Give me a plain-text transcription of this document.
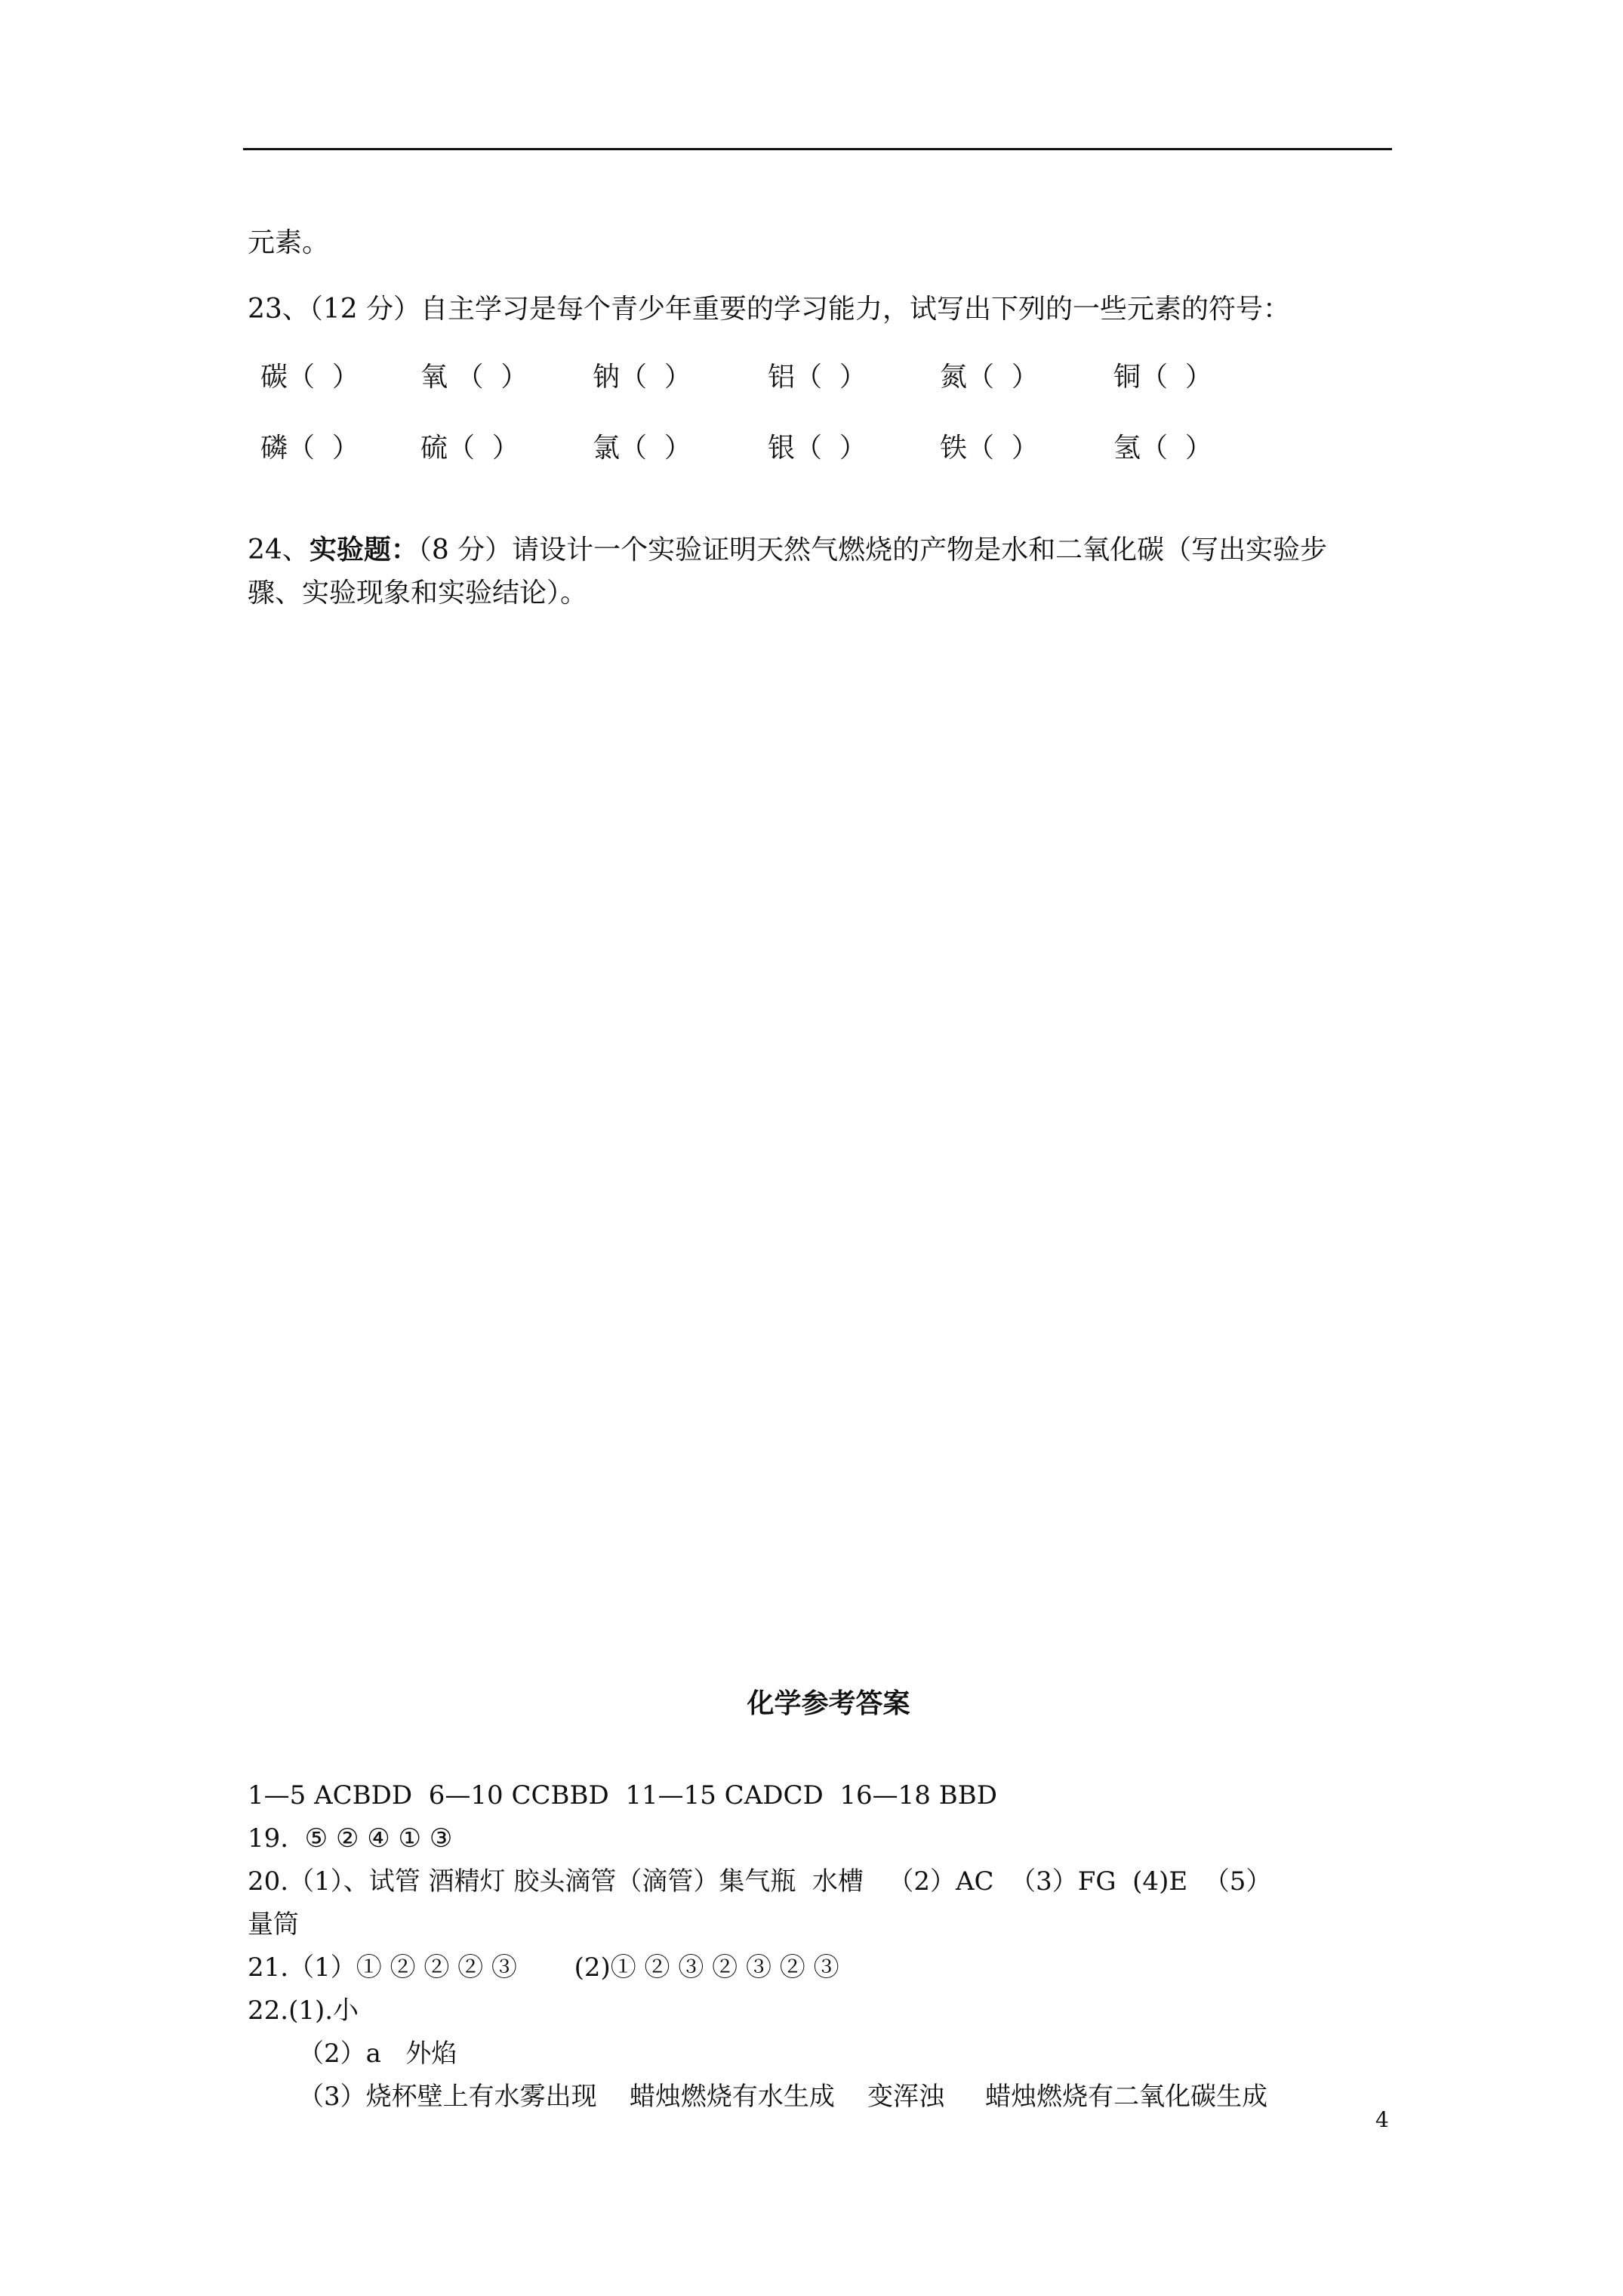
元素。
23、（12 分）自主学习是每个青少年重要的学习能力，试写出下列的一些元素的符号：
碳（  ） 氧 （  ） 钠（  ）	铝（  ）	氮（  ）	铜（  ）
磷（  ） 硫（  ）	氯（  ）	银（  ）	铁（  ）	氢（  ）
24、实验题：（8 分）请设计一个实验证明天然气燃烧的产物是水和二氧化碳（写出实验步
骤、实验现象和实验结论）。
化学参考答案
1—5 ACBDD  6—10 CCBBD  11—15 CADCD  16—18 BBD
19.  ⑤ ② ④ ① ③
20.（1）、试管 酒精灯 胶头滴管（滴管）集气瓶  水槽   （2）AC  （3）FG  (4)E  （5）
量筒
21.（1）① ② ② ② ③       (2)① ② ③ ② ③ ② ③
22.(1).小
（2）a   外焰
（3）烧杯壁上有水雾出现    蜡烛燃烧有水生成    变浑浊     蜡烛燃烧有二氧化碳生成
4
